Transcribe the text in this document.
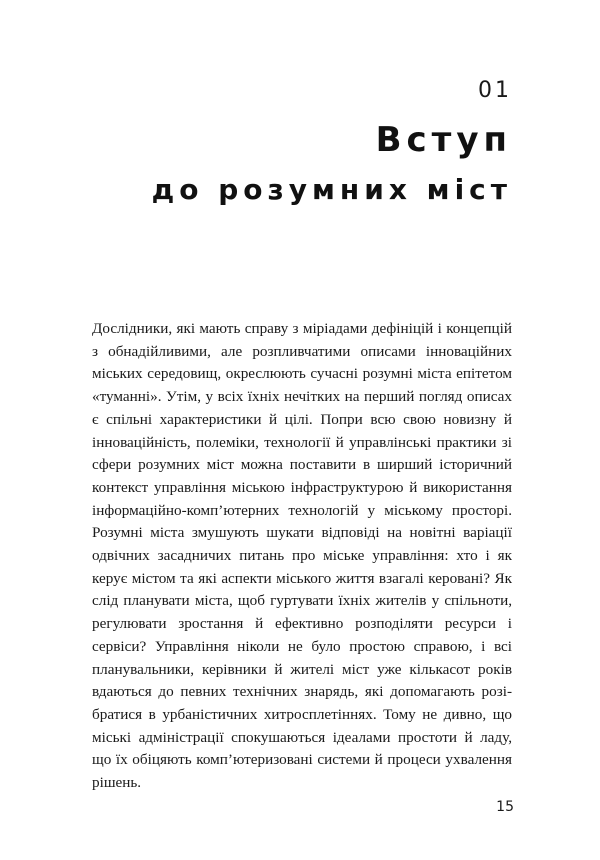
01
Вступ
до розумних міст

Дослідники, які мають справу з міріадами дефініцій і концепцій з обнадійливими, але розпливчатими описами інноваційних міських середовищ, окреслюють сучасні розумні міста епітетом «туманні». Утім, у всіх їхніх нечітких на перший погляд описах є спільні характеристики й цілі. Попри всю свою новизну й інноваційність, полеміки, технології й управлінські практики зі сфери розумних міст можна поставити в ширший історичний контекст управління міською інфраструктурою й використання інформаційно-комп’ютерних технологій у міському просторі. Розумні міста змушують шукати відповіді на новітні варіації одвічних засадничих питань про міське управління: хто і як керує містом та які аспекти міського життя взагалі керовані? Як слід планувати міста, щоб гуртувати їхніх жителів у спільноти, регулювати зростання й ефективно розподіляти ресурси і сервіси? Управління ніколи не було простою справою, і всі планувальники, керівники й жителі міст уже кількасот років вдаються до певних технічних знарядь, які допомагають розібратися в урбаністичних хитросплетіннях. Тому не дивно, що міські адміністрації спокушаються ідеалами простоти й ладу, що їх обіцяють комп’ютеризовані системи й процеси ухвалення рішень.

15
